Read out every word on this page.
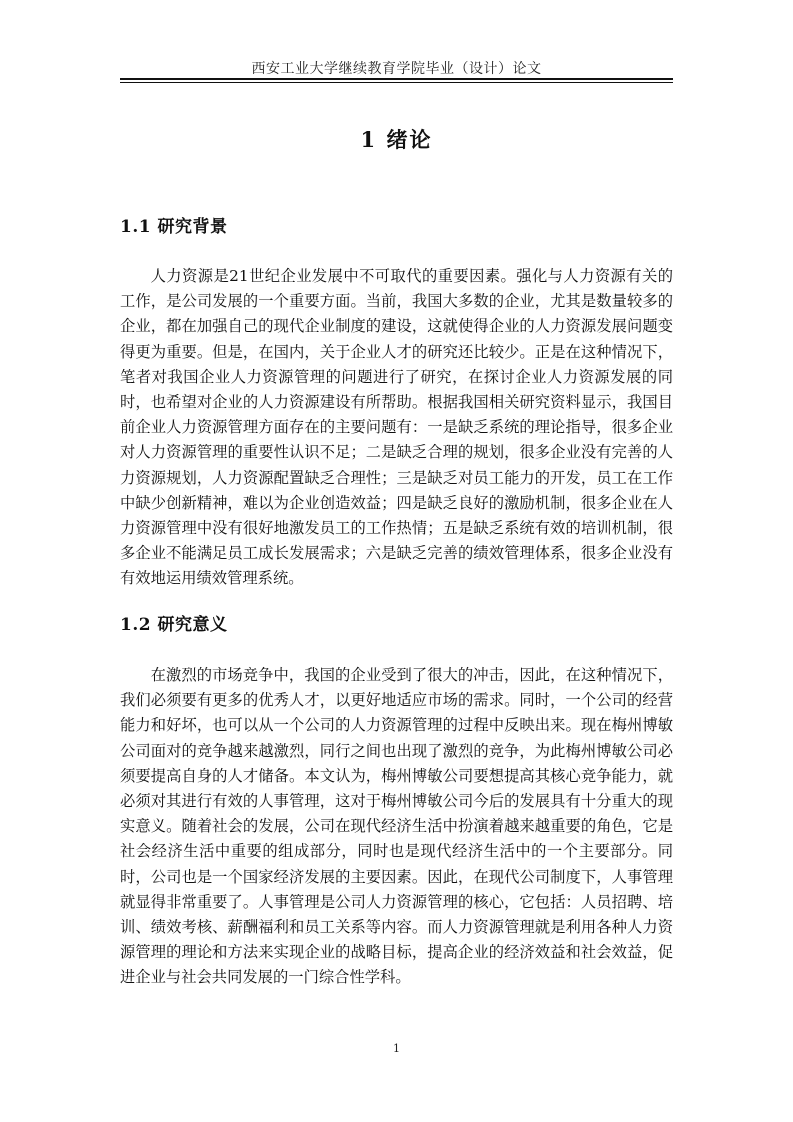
西安工业大学继续教育学院毕业（设计）论文
1 绪论
1.1 研究背景

人力资源是21世纪企业发展中不可取代的重要因素。强化与人力资源有关的工作，是公司发展的一个重要方面。当前，我国大多数的企业，尤其是数量较多的企业，都在加强自己的现代企业制度的建设，这就使得企业的人力资源发展问题变得更为重要。但是，在国内，关于企业人才的研究还比较少。正是在这种情况下，笔者对我国企业人力资源管理的问题进行了研究，在探讨企业人力资源发展的同时，也希望对企业的人力资源建设有所帮助。根据我国相关研究资料显示，我国目前企业人力资源管理方面存在的主要问题有：一是缺乏系统的理论指导，很多企业对人力资源管理的重要性认识不足；二是缺乏合理的规划，很多企业没有完善的人力资源规划，人力资源配置缺乏合理性；三是缺乏对员工能力的开发，员工在工作中缺少创新精神，难以为企业创造效益；四是缺乏良好的激励机制，很多企业在人力资源管理中没有很好地激发员工的工作热情；五是缺乏系统有效的培训机制，很多企业不能满足员工成长发展需求；六是缺乏完善的绩效管理体系，很多企业没有有效地运用绩效管理系统。

1.2 研究意义

在激烈的市场竞争中，我国的企业受到了很大的冲击，因此，在这种情况下，我们必须要有更多的优秀人才，以更好地适应市场的需求。同时，一个公司的经营能力和好坏，也可以从一个公司的人力资源管理的过程中反映出来。现在梅州博敏公司面对的竞争越来越激烈，同行之间也出现了激烈的竞争，为此梅州博敏公司必须要提高自身的人才储备。本文认为，梅州博敏公司要想提高其核心竞争能力，就必须对其进行有效的人事管理，这对于梅州博敏公司今后的发展具有十分重大的现实意义。随着社会的发展，公司在现代经济生活中扮演着越来越重要的角色，它是社会经济生活中重要的组成部分，同时也是现代经济生活中的一个主要部分。同时，公司也是一个国家经济发展的主要因素。因此，在现代公司制度下，人事管理就显得非常重要了。人事管理是公司人力资源管理的核心，它包括：人员招聘、培训、绩效考核、薪酬福利和员工关系等内容。而人力资源管理就是利用各种人力资源管理的理论和方法来实现企业的战略目标，提高企业的经济效益和社会效益，促进企业与社会共同发展的一门综合性学科。

1
